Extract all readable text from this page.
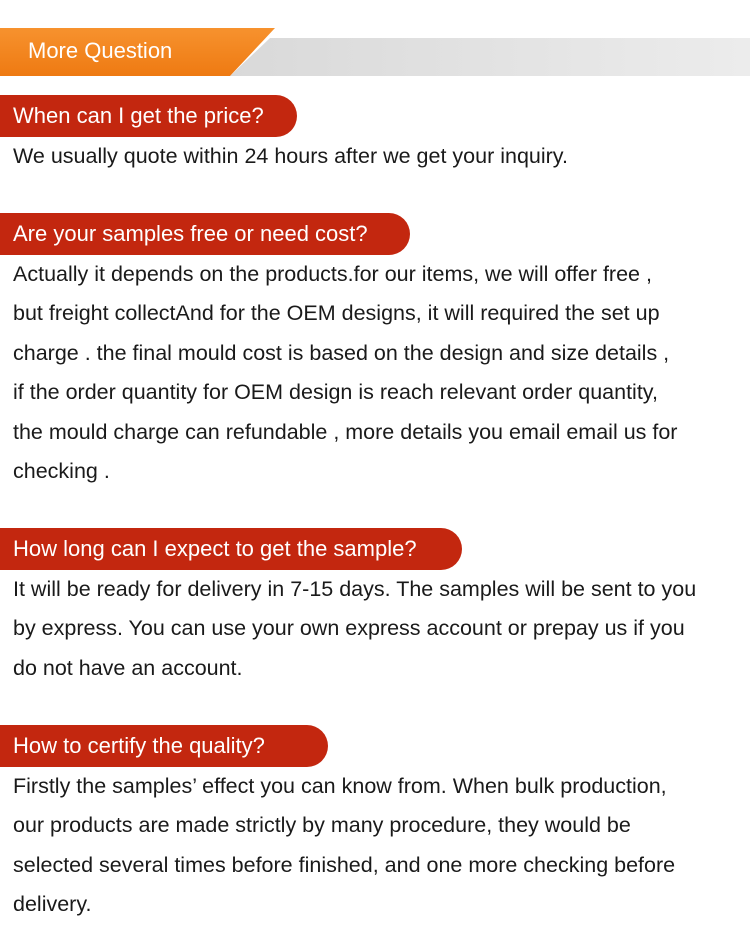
More Question
When can I get the price?

We usually quote within 24 hours after we get your inquiry.

Are your samples free or need cost?

Actually it depends on the products.for our items, we will offer free ,
but freight collectAnd for the OEM designs, it will required the set up
charge . the final mould cost is based on the design and size details ,
if the order quantity for OEM design is reach relevant order quantity,
the mould charge can refundable , more details you email email us for
checking .

How long can I expect to get the sample?

It will be ready for delivery in 7-15 days. The samples will be sent to you
by express. You can use your own express account or prepay us if you
do not have an account.

How to certify the quality?

Firstly the samples’ effect you can know from. When bulk production,
our products are made strictly by many procedure, they would be
selected several times before finished, and one more checking before
delivery.
